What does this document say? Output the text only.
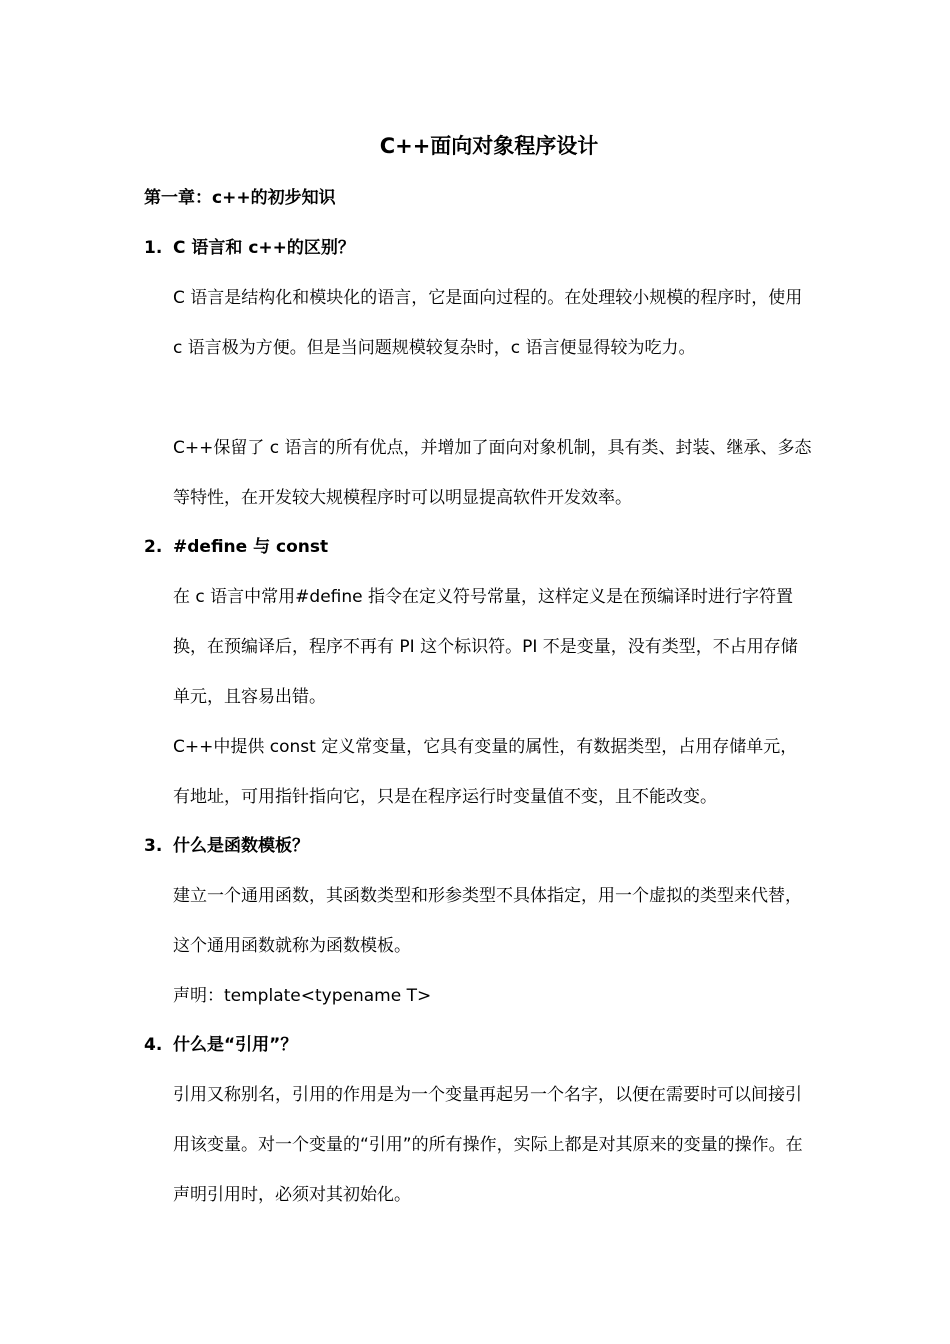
C++面向对象程序设计
第一章：c++的初步知识
1. C 语言和 c++的区别？

C 语言是结构化和模块化的语言，它是面向过程的。在处理较小规模的程序时，使用 c 语言极为方便。但是当问题规模较复杂时，c 语言便显得较为吃力。

C++保留了 c 语言的所有优点，并增加了面向对象机制，具有类、封装、继承、多态等特性，在开发较大规模程序时可以明显提高软件开发效率。

2. #define 与 const

在 c 语言中常用#define 指令在定义符号常量，这样定义是在预编译时进行字符置换，在预编译后，程序不再有 PI 这个标识符。PI 不是变量，没有类型，不占用存储单元，且容易出错。

C++中提供 const 定义常变量，它具有变量的属性，有数据类型，占用存储单元，有地址，可用指针指向它，只是在程序运行时变量值不变，且不能改变。

3. 什么是函数模板？

建立一个通用函数，其函数类型和形参类型不具体指定，用一个虚拟的类型来代替，这个通用函数就称为函数模板。

声明：template<typename T>

4. 什么是“引用”？

引用又称别名，引用的作用是为一个变量再起另一个名字，以便在需要时可以间接引用该变量。对一个变量的“引用”的所有操作，实际上都是对其原来的变量的操作。在声明引用时，必须对其初始化。
